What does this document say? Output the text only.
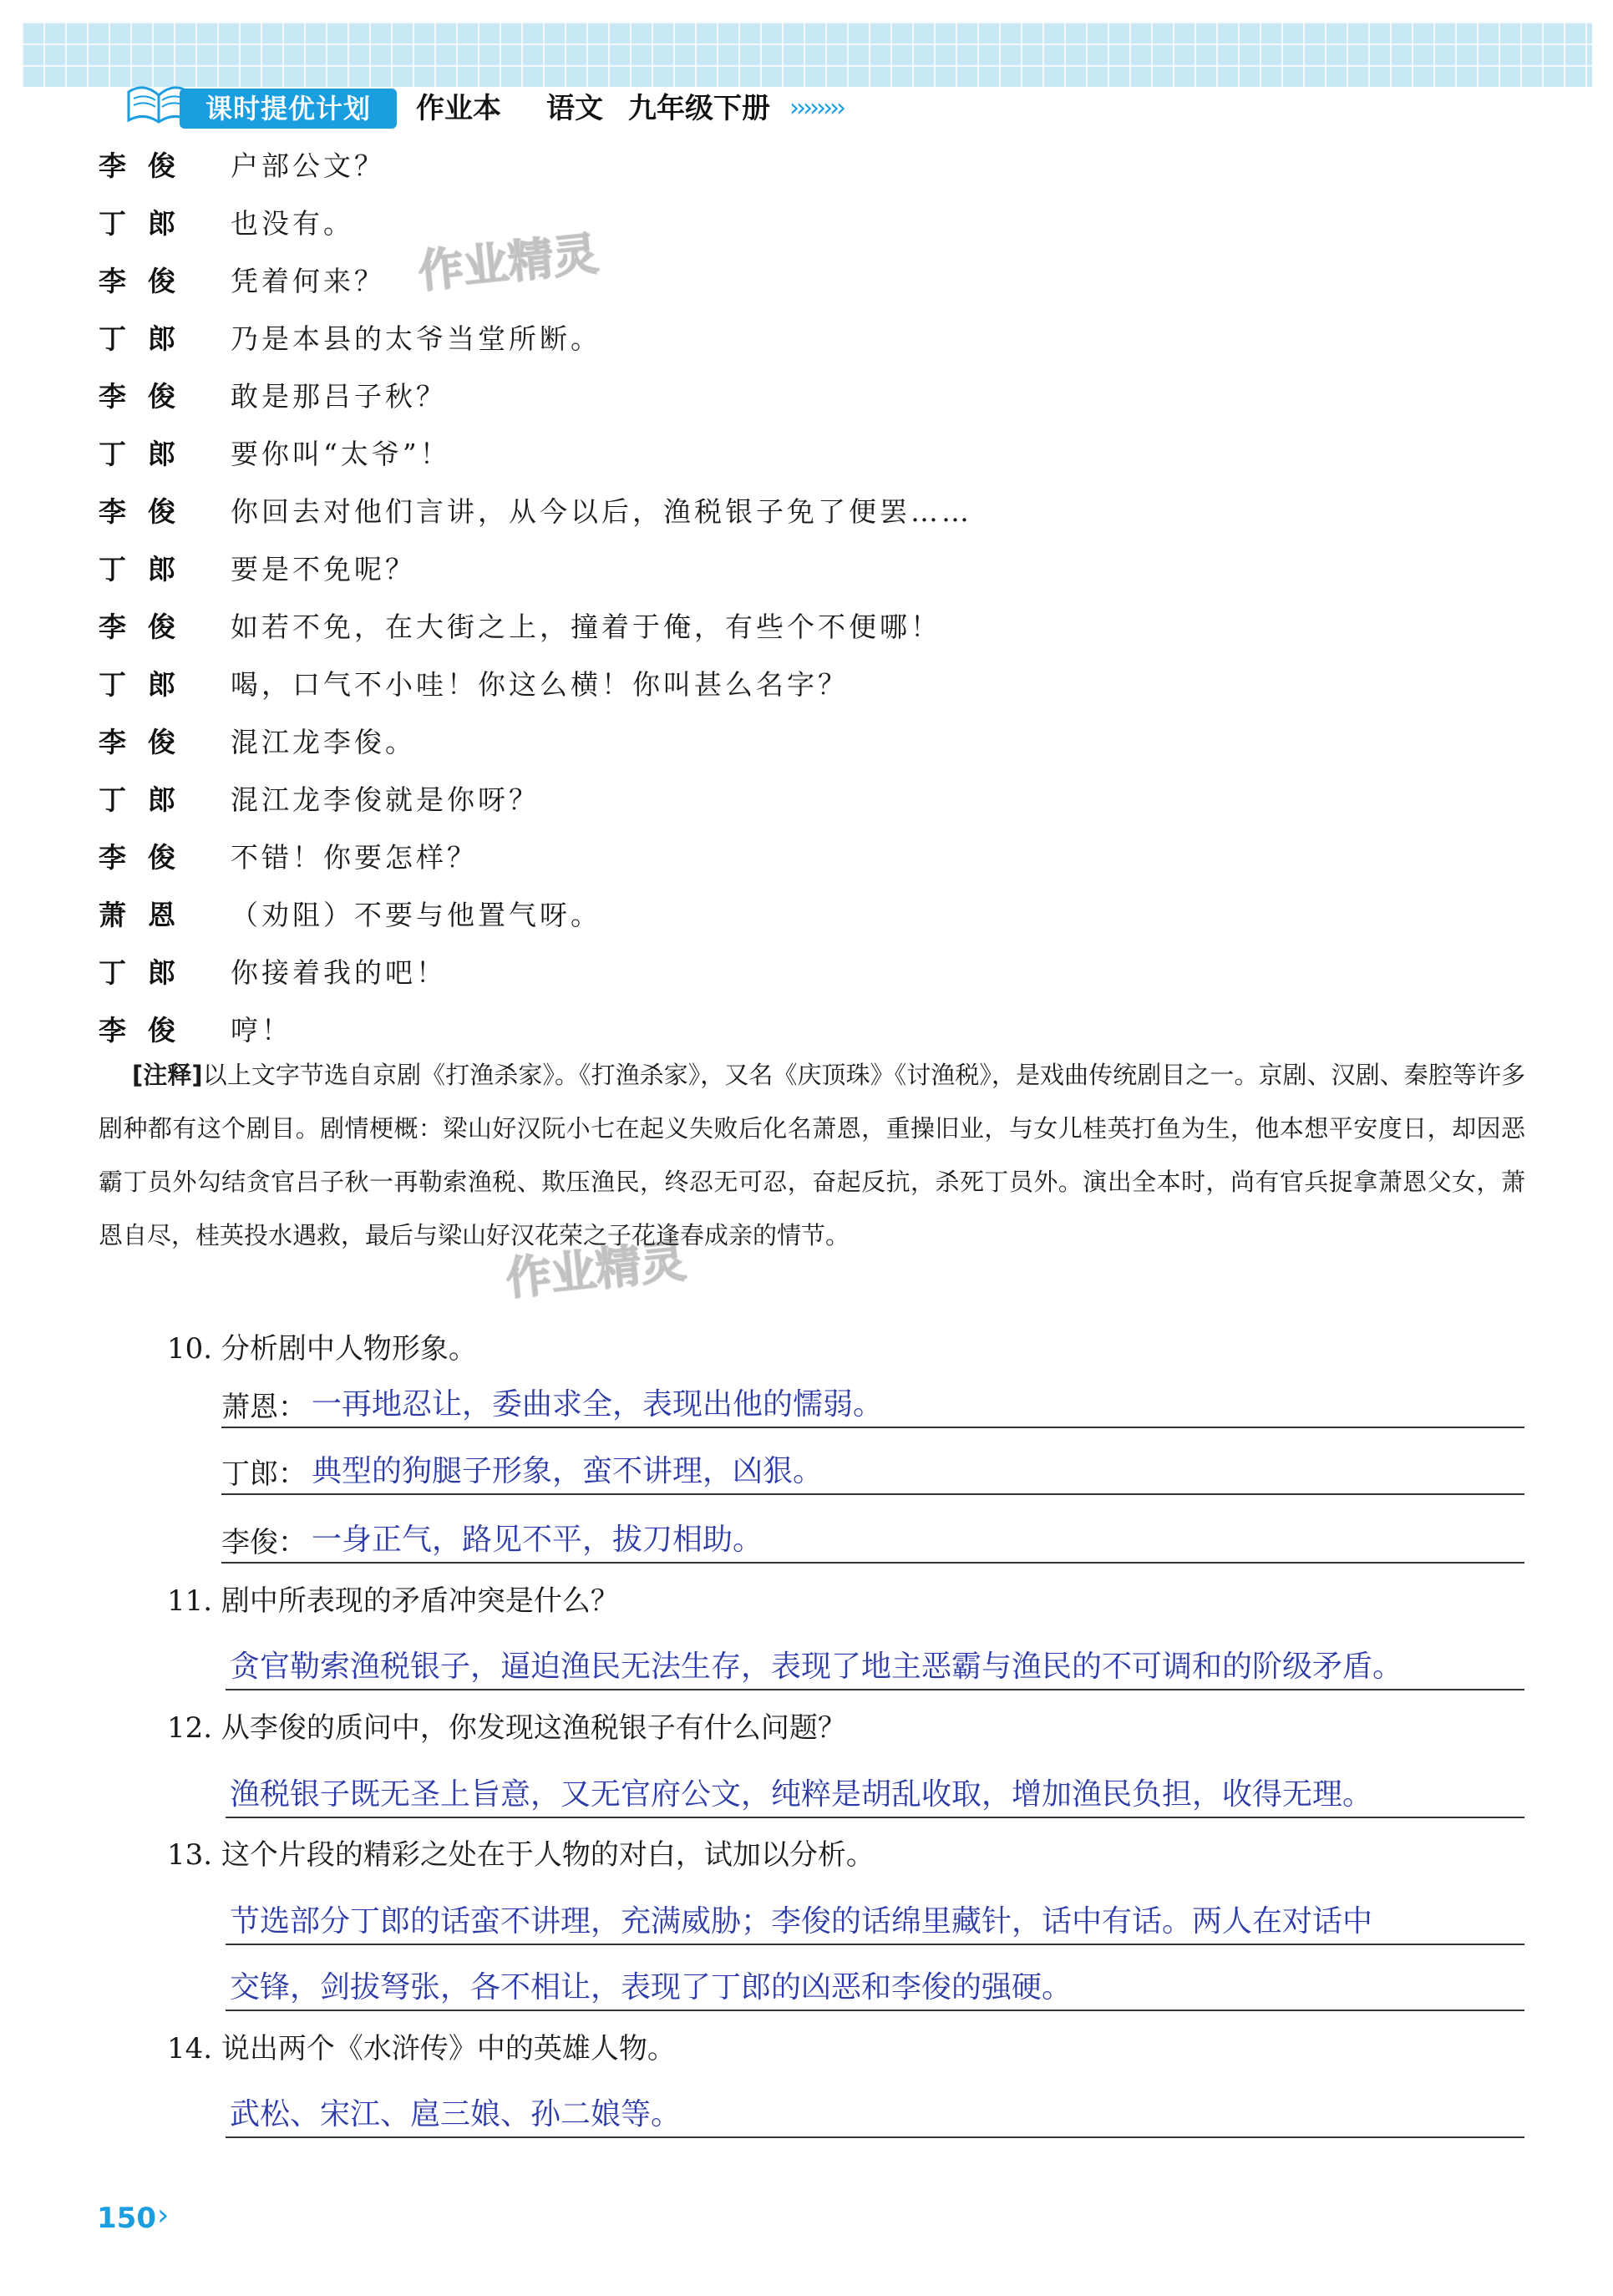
课时提优计划	作业本 语文 九年级下册 ››››››››
李俊 户部公文？
丁郎 也没有。
李俊 凭着何来？
丁郎 乃是本县的太爷当堂所断。
李俊 敢是那吕子秋？
丁郎 要你叫“太爷”！
李俊 你回去对他们言讲，从今以后，渔税银子免了便罢……
丁郎 要是不免呢？
李俊 如若不免，在大街之上，撞着于俺，有些个不便哪！
丁郎 喝，口气不小哇！你这么横！你叫甚么名字？
李俊 混江龙李俊。
丁郎 混江龙李俊就是你呀？
李俊 不错！你要怎样？
萧恩 （劝阻）不要与他置气呀。
丁郎 你接着我的吧！
李俊 哼！
作业精灵
作业精灵
[注释]以上文字节选自京剧《打渔杀家》。《打渔杀家》，又名《庆顶珠》《讨渔税》，是戏曲传统剧目之一。京剧、汉剧、秦腔等许多剧种都有这个剧目。剧情梗概：梁山好汉阮小七在起义失败后化名萧恩，重操旧业，与女儿桂英打鱼为生，他本想平安度日，却因恶霸丁员外勾结贪官吕子秋一再勒索渔税、欺压渔民，终忍无可忍，奋起反抗，杀死丁员外。演出全本时，尚有官兵捉拿萧恩父女，萧恩自尽，桂英投水遇救，最后与梁山好汉花荣之子花逢春成亲的情节。
10. 分析剧中人物形象。
萧恩： 一再地忍让，委曲求全，表现出他的懦弱。
丁郎： 典型的狗腿子形象，蛮不讲理，凶狠。
李俊： 一身正气，路见不平，拔刀相助。
11. 剧中所表现的矛盾冲突是什么？
贪官勒索渔税银子，逼迫渔民无法生存，表现了地主恶霸与渔民的不可调和的阶级矛盾。
12. 从李俊的质问中，你发现这渔税银子有什么问题？
渔税银子既无圣上旨意，又无官府公文，纯粹是胡乱收取，增加渔民负担，收得无理。
13. 这个片段的精彩之处在于人物的对白，试加以分析。
节选部分丁郎的话蛮不讲理，充满威胁；李俊的话绵里藏针，话中有话。两人在对话中
交锋，剑拔弩张，各不相让，表现了丁郎的凶恶和李俊的强硬。
14. 说出两个《水浒传》中的英雄人物。
武松、宋江、扈三娘、孙二娘等。
150 ›
